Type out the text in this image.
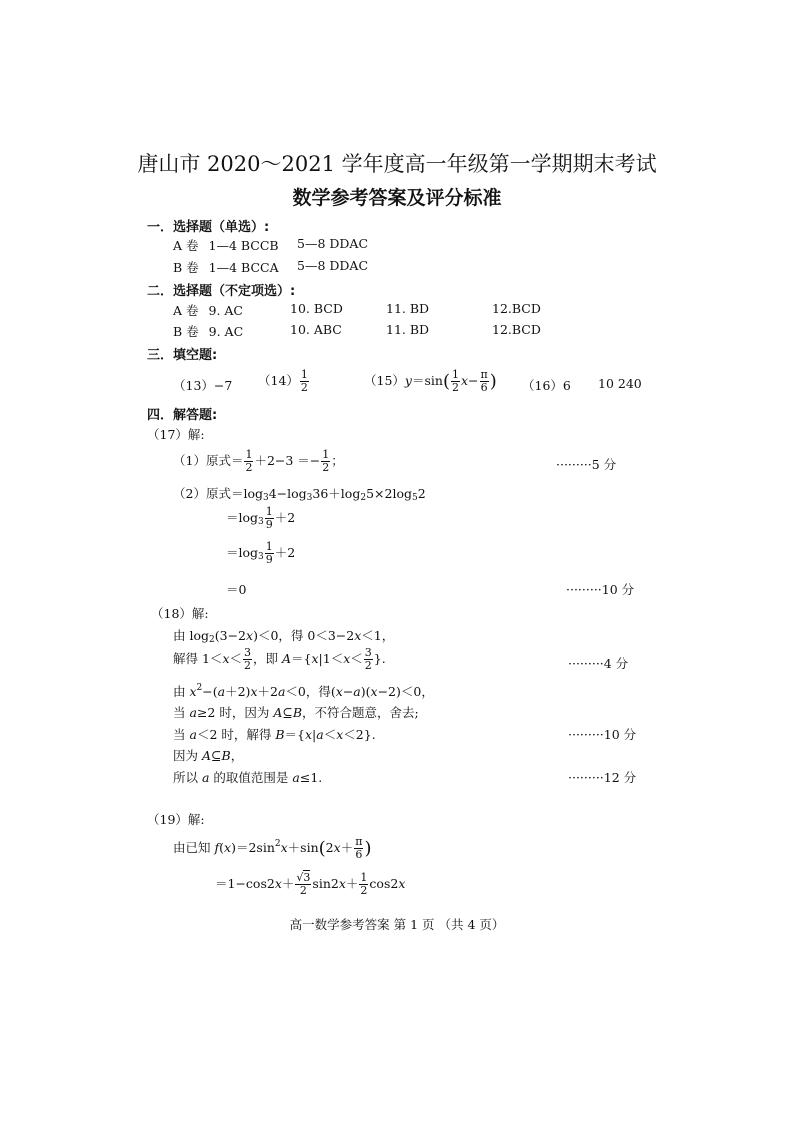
唐山市 2020～2021 学年度高一年级第一学期期末考试
数学参考答案及评分标准
一．选择题（单选）:
A 卷 1—4 BCCB 5—8 DDAC
B 卷 1—4 BCCA 5—8 DDAC
二．选择题（不定项选）:
A 卷 9. AC	10. BCD	11. BD	12.BCD
B 卷 9. AC	10. ABC	11. BD	12.BCD
三．填空题:
（13）−7 $(14) \frac{1}{2}$	$(15)y=\sin( \frac{1}{2} x- \frac{\pi}{6}$ ) （16）6 10 240
四．解答题:
（17）解:
（1）原式＝ $\frac{1}{2} +2-3 =- \frac{1}{2}$ ；	·········5 分
（2）原式$=\log_34-\log_336+\log_25\times 2\log_52$
$=\log_3 \frac{1}{9} +2$
$=\log_3 \frac{1}{9} +2$
＝0	·········10 分
（18）解:
由 $\log_2(3-2x)<0$，得 0＜3−2x＜1，
解得 $1<x< \frac{3}{2}$ ，即 $A=\{x|1<x< \frac{3}{2}$ }.	·········4 分
由 $x^2-(a+2)x+2a<0$，得(x−a)(x−2)＜0，
当 a≥2 时，因为 A⊆B，不符合题意，舍去;
当 a＜2 时，解得 B＝{x|a＜x＜2}.	·········10 分
因为 A⊆B，
所以 a 的取值范围是 a≤1.	·········12 分
（19）解:
由已知 $f(x)=2\sin^2x+\sin(2x+ \frac{\pi}{6}$ )
$=1-\cos 2x+ \frac{√3}{2} \sin 2x+ \frac{1}{2} \cos 2x$
高一数学参考答案 第 1 页 （共 4 页）
